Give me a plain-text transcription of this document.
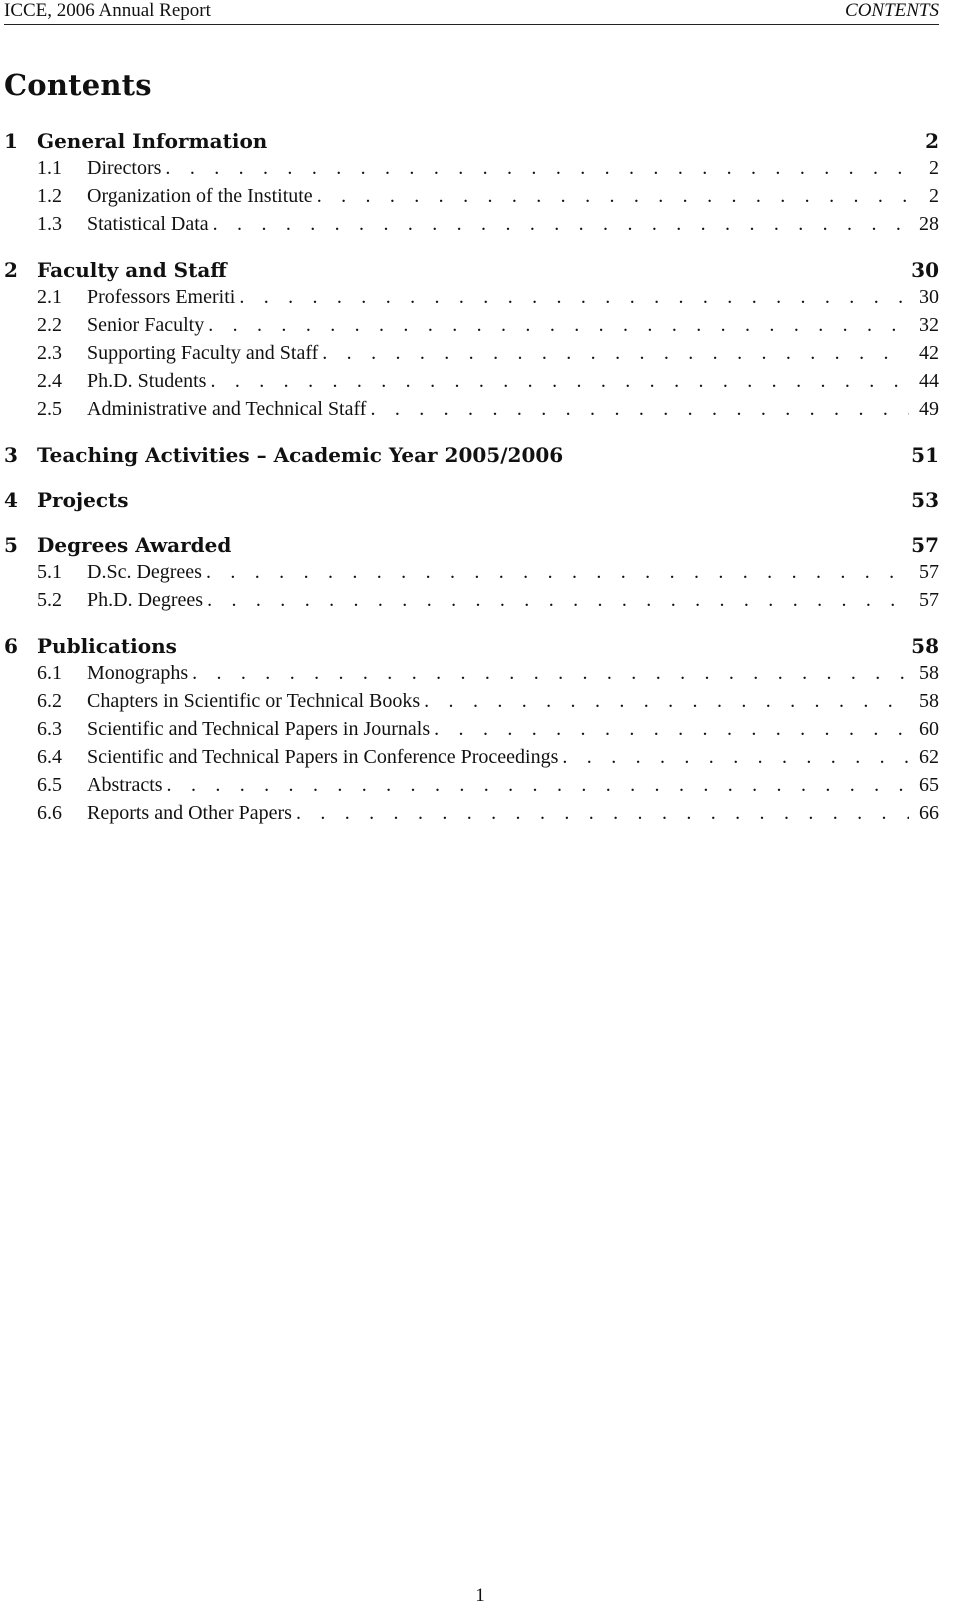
ICCE, 2006 Annual Report	CONTENTS
Contents
1 General Information	2
1.1	Directors . . .	2
1.2	Organization of the Institute . . .	2
1.3	Statistical Data . . .	28
2 Faculty and Staff	30
2.1	Professors Emeriti . . .	30
2.2	Senior Faculty . . .	32
2.3	Supporting Faculty and Staff . . .	42
2.4	Ph.D. Students . . .	44
2.5	Administrative and Technical Staff . . .	49
3 Teaching Activities – Academic Year 2005/2006	51
4 Projects	53
5 Degrees Awarded	57
5.1	D.Sc. Degrees . . .	57
5.2	Ph.D. Degrees . . .	57
6 Publications	58
6.1	Monographs . . .	58
6.2	Chapters in Scientific or Technical Books . . .	58
6.3	Scientific and Technical Papers in Journals . . .	60
6.4	Scientific and Technical Papers in Conference Proceedings . . .	62
6.5	Abstracts . . .	65
6.6	Reports and Other Papers . . .	66
1
